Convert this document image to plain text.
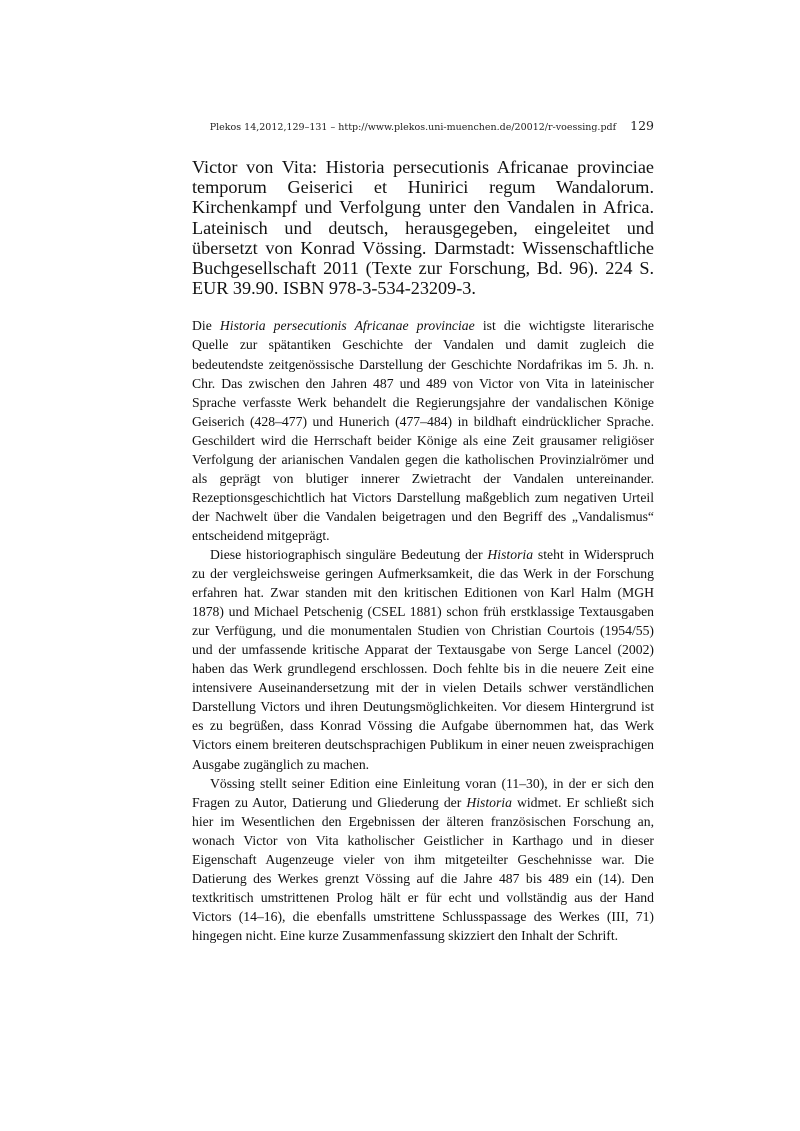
Plekos 14,2012,129–131 – http://www.plekos.uni-muenchen.de/20012/r-voessing.pdf 129
Victor von Vita: Historia persecutionis Africanae provinciae temporum Geiserici et Hunirici regum Wandalorum. Kirchenkampf und Verfolgung unter den Vandalen in Africa. Lateinisch und deutsch, herausgegeben, eingeleitet und übersetzt von Konrad Vössing. Darmstadt: Wissenschaftliche Buchgesellschaft 2011 (Texte zur Forschung, Bd. 96). 224 S. EUR 39.90. ISBN 978-3-534-23209-3.

Die Historia persecutionis Africanae provinciae ist die wichtigste literarische Quelle zur spätantiken Geschichte der Vandalen und damit zugleich die bedeutendste zeitgenössische Darstellung der Geschichte Nordafrikas im 5. Jh. n. Chr. Das zwischen den Jahren 487 und 489 von Victor von Vita in lateinischer Sprache verfasste Werk behandelt die Regierungsjahre der vandalischen Könige Geiserich (428–477) und Hunerich (477–484) in bildhaft eindrücklicher Sprache. Geschildert wird die Herrschaft beider Könige als eine Zeit grausamer religiöser Verfolgung der arianischen Vandalen gegen die katholischen Provinzialrömer und als geprägt von blutiger innerer Zwietracht der Vandalen untereinander. Rezeptionsgeschichtlich hat Victors Darstellung maßgeblich zum negativen Urteil der Nachwelt über die Vandalen beigetragen und den Begriff des „Vandalismus“ entscheidend mitgeprägt.

Diese historiographisch singuläre Bedeutung der Historia steht in Widerspruch zu der vergleichsweise geringen Aufmerksamkeit, die das Werk in der Forschung erfahren hat. Zwar standen mit den kritischen Editionen von Karl Halm (MGH 1878) und Michael Petschenig (CSEL 1881) schon früh erstklassige Textausgaben zur Verfügung, und die monumentalen Studien von Christian Courtois (1954/55) und der umfassende kritische Apparat der Textausgabe von Serge Lancel (2002) haben das Werk grundlegend erschlossen. Doch fehlte bis in die neuere Zeit eine intensivere Auseinandersetzung mit der in vielen Details schwer verständlichen Darstellung Victors und ihren Deutungsmöglichkeiten. Vor diesem Hintergrund ist es zu begrüßen, dass Konrad Vössing die Aufgabe übernommen hat, das Werk Victors einem breiteren deutschsprachigen Publikum in einer neuen zweisprachigen Ausgabe zugänglich zu machen.

Vössing stellt seiner Edition eine Einleitung voran (11–30), in der er sich den Fragen zu Autor, Datierung und Gliederung der Historia widmet. Er schließt sich hier im Wesentlichen den Ergebnissen der älteren französischen Forschung an, wonach Victor von Vita katholischer Geistlicher in Karthago und in dieser Eigenschaft Augenzeuge vieler von ihm mitgeteilter Geschehnisse war. Die Datierung des Werkes grenzt Vössing auf die Jahre 487 bis 489 ein (14). Den textkritisch umstrittenen Prolog hält er für echt und vollständig aus der Hand Victors (14–16), die ebenfalls umstrittene Schlusspassage des Werkes (III, 71) hingegen nicht. Eine kurze Zusammenfassung skizziert den Inhalt der Schrift.
